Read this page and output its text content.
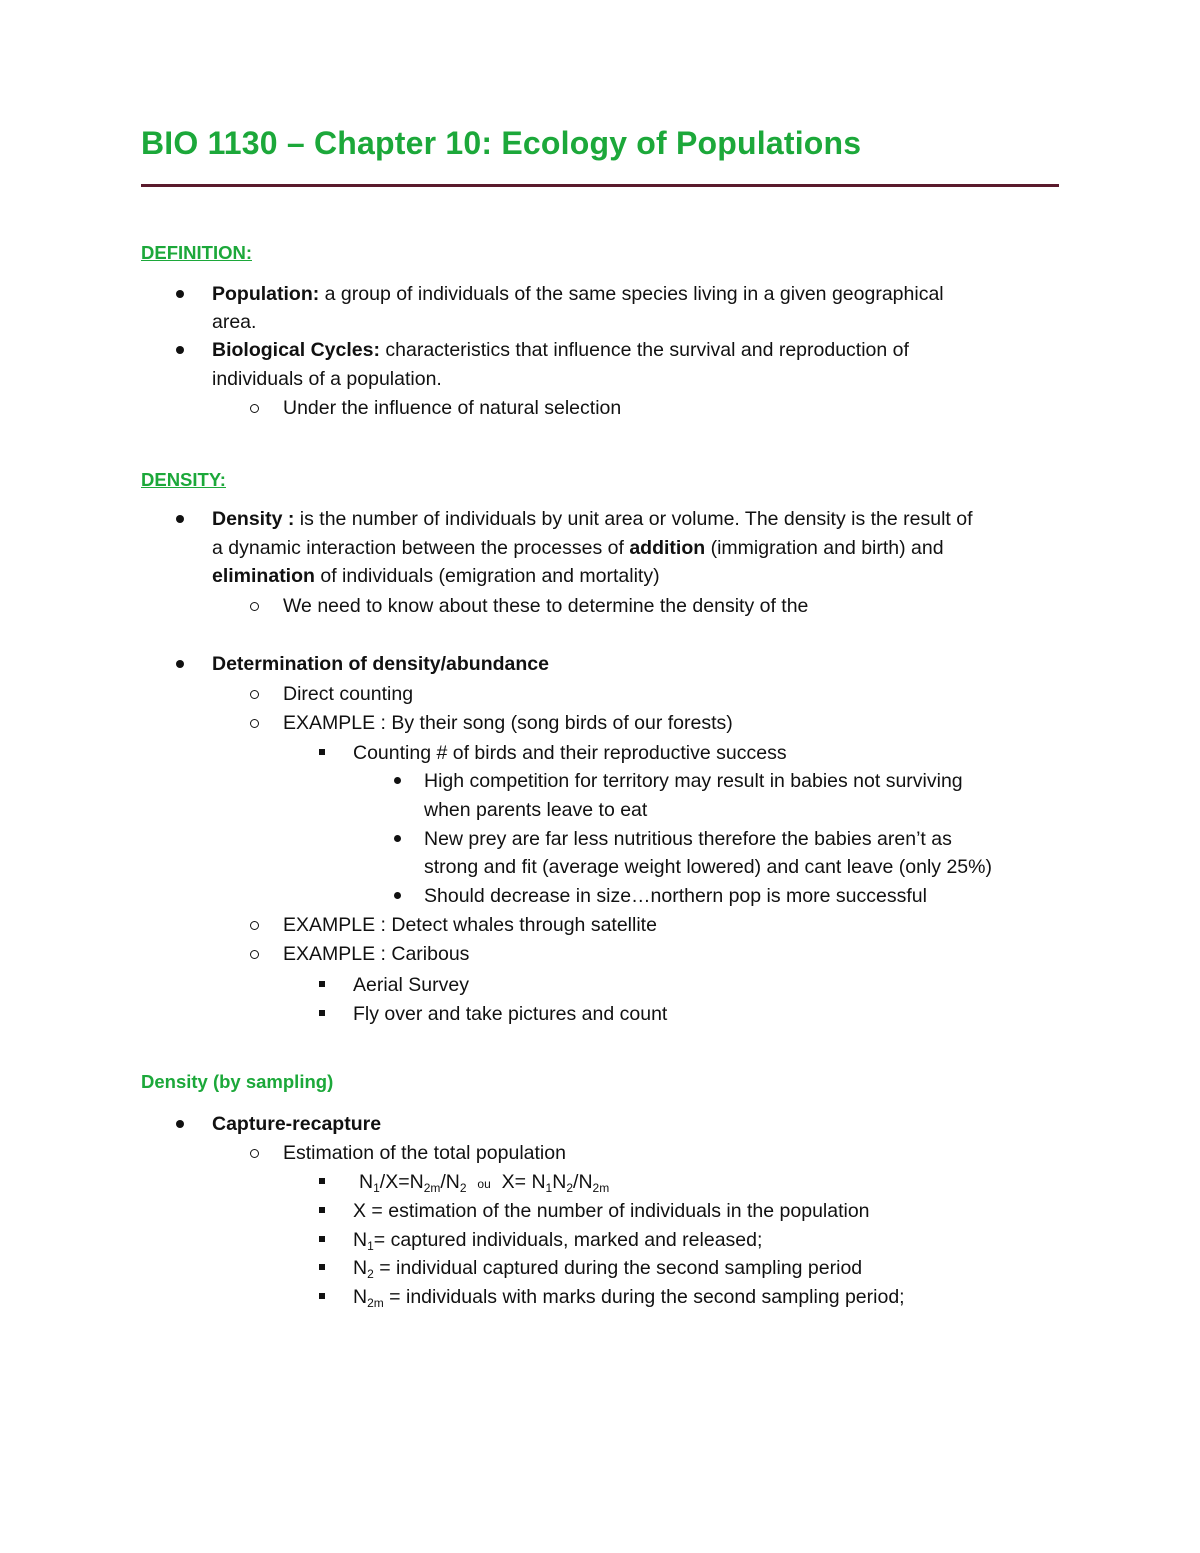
BIO 1130 – Chapter 10: Ecology of Populations
DEFINITION:
Population: a group of individuals of the same species living in a given geographical
area.
Biological Cycles: characteristics that influence the survival and reproduction of
individuals of a population.
Under the influence of natural selection
DENSITY:
Density : is the number of individuals by unit area or volume. The density is the result of
a dynamic interaction between the processes of addition (immigration and birth) and
elimination of individuals (emigration and mortality)
We need to know about these to determine the density of the
Determination of density/abundance
Direct counting
EXAMPLE : By their song (song birds of our forests)
Counting # of birds and their reproductive success
High competition for territory may result in babies not surviving
when parents leave to eat
New prey are far less nutritious therefore the babies aren’t as
strong and fit (average weight lowered) and cant leave (only 25%)
Should decrease in size…northern pop is more successful
EXAMPLE : Detect whales through satellite
EXAMPLE : Caribous
Aerial Survey
Fly over and take pictures and count
Density (by sampling)
Capture-recapture
Estimation of the total population
$N_1/X=N_{2m}/N_2$ ou $X= N_1N_2/N_{2m}$
X = estimation of the number of individuals in the population
$N_1=$ captured individuals, marked and released;
$N_2$ = individual captured during the second sampling period
$N_{2m}$ = individuals with marks during the second sampling period;
